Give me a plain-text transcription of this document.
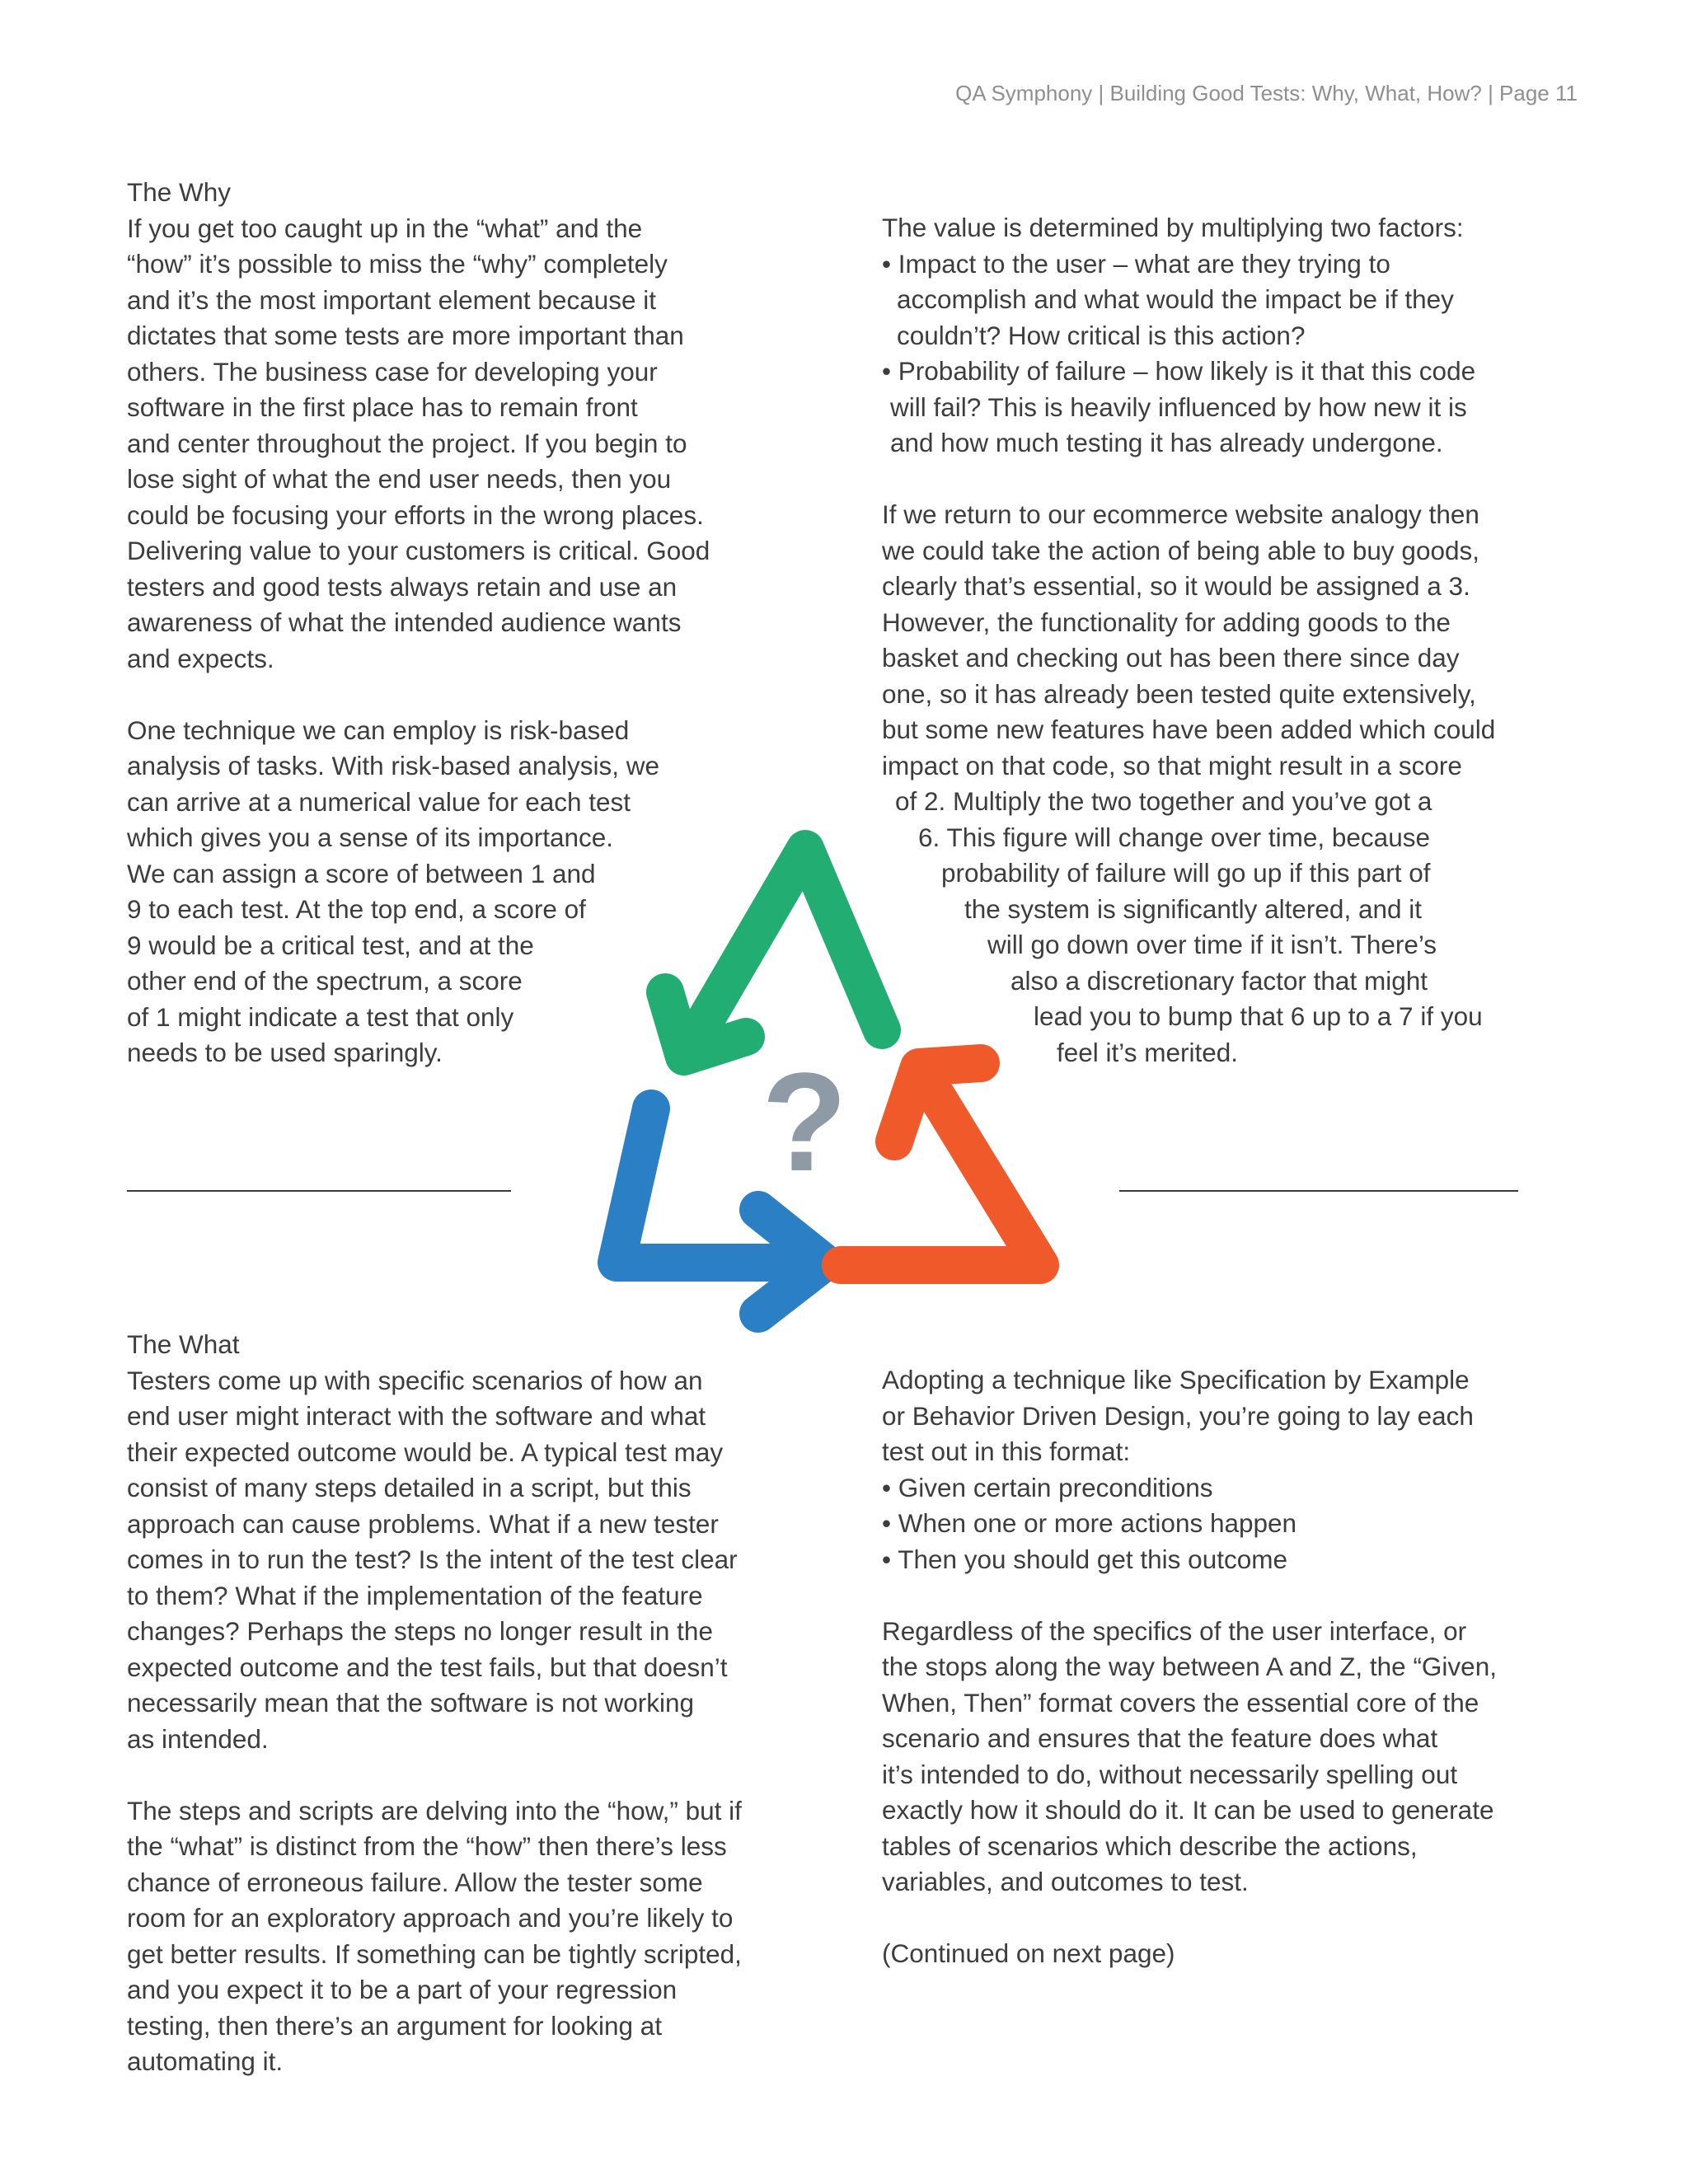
QA Symphony | Building Good Tests: Why, What, How? | Page 11

The Why

If you get too caught up in the “what” and the

“how” it’s possible to miss the “why” completely

and it’s the most important element because it

dictates that some tests are more important than

others. The business case for developing your

software in the first place has to remain front

and center throughout the project. If you begin to

lose sight of what the end user needs, then you

could be focusing your efforts in the wrong places.

Delivering value to your customers is critical. Good

testers and good tests always retain and use an

awareness of what the intended audience wants

and expects.

One technique we can employ is risk-based

analysis of tasks. With risk-based analysis, we

can arrive at a numerical value for each test

which gives you a sense of its importance.

We can assign a score of between 1 and

9 to each test. At the top end, a score of

9 would be a critical test, and at the

other end of the spectrum, a score

of 1 might indicate a test that only

needs to be used sparingly.

The value is determined by multiplying two factors:

• Impact to the user – what are they trying to

accomplish and what would the impact be if they

couldn’t? How critical is this action?

• Probability of failure – how likely is it that this code

will fail? This is heavily influenced by how new it is

and how much testing it has already undergone.

If we return to our ecommerce website analogy then

we could take the action of being able to buy goods,

clearly that’s essential, so it would be assigned a 3.

However, the functionality for adding goods to the

basket and checking out has been there since day

one, so it has already been tested quite extensively,

but some new features have been added which could

impact on that code, so that might result in a score

of 2. Multiply the two together and you’ve got a

6. This figure will change over time, because

probability of failure will go up if this part of

the system is significantly altered, and it

will go down over time if it isn’t. There’s

also a discretionary factor that might

lead you to bump that 6 up to a 7 if you

feel it’s merited.

?

The What

Testers come up with specific scenarios of how an

end user might interact with the software and what

their expected outcome would be. A typical test may

consist of many steps detailed in a script, but this

approach can cause problems. What if a new tester

comes in to run the test? Is the intent of the test clear

to them? What if the implementation of the feature

changes? Perhaps the steps no longer result in the

expected outcome and the test fails, but that doesn’t

necessarily mean that the software is not working

as intended.

The steps and scripts are delving into the “how,” but if

the “what” is distinct from the “how” then there’s less

chance of erroneous failure. Allow the tester some

room for an exploratory approach and you’re likely to

get better results. If something can be tightly scripted,

and you expect it to be a part of your regression

testing, then there’s an argument for looking at

automating it.

Adopting a technique like Specification by Example

or Behavior Driven Design, you’re going to lay each

test out in this format:

• Given certain preconditions

• When one or more actions happen

• Then you should get this outcome

Regardless of the specifics of the user interface, or

the stops along the way between A and Z, the “Given,

When, Then” format covers the essential core of the

scenario and ensures that the feature does what

it’s intended to do, without necessarily spelling out

exactly how it should do it. It can be used to generate

tables of scenarios which describe the actions,

variables, and outcomes to test.

(Continued on next page)
